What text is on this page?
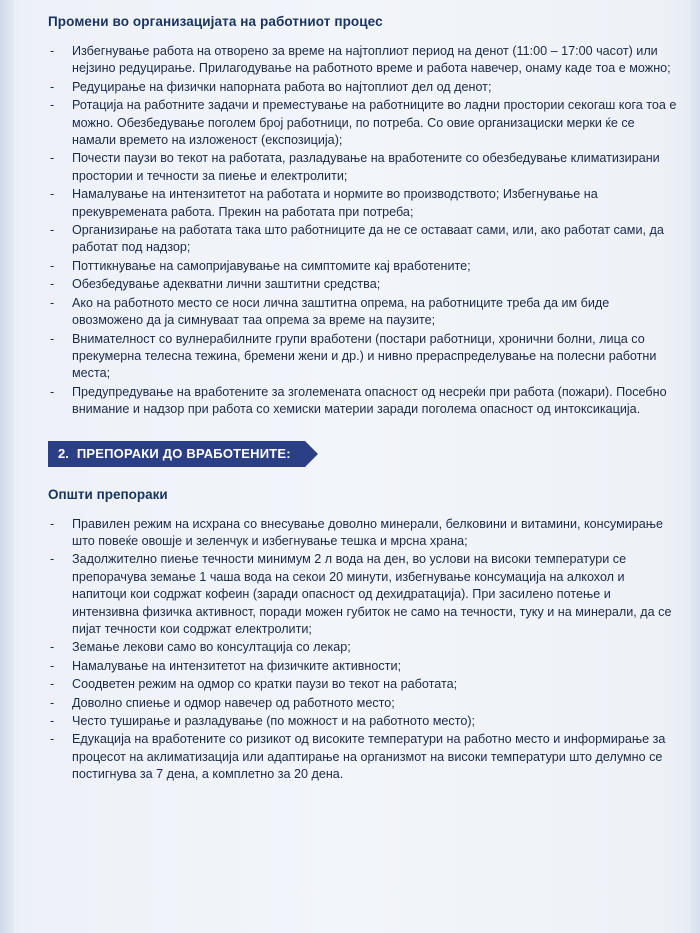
Промени во организацијата на работниот процес
- Избегнување работа на отворено за време на најтоплиот период на денот (11:00 – 17:00 часот) или нејзино редуцирање. Прилагодување на работното време и работа навечер, онаму каде тоа е можно;
- Редуцирање на физички напорната работа во најтоплиот дел од денот;
- Ротација на работните задачи и преместување на работниците во ладни простории секогаш кога тоа е можно. Обезбедување поголем број работници, по потреба. Со овие организациски мерки ќе се намали времето на изложеност (експозиција);
- Почести паузи во текот на работата, разладување на вработените со обезбедување климатизирани простории и течности за пиење и електролити;
- Намалување на интензитетот на работата и нормите во производството; Избегнување на прекувремената работа. Прекин на работата при потреба;
- Организирање на работата така што работниците да не се оставаат сами, или, ако работат сами, да работат под надзор;
- Поттикнување на самопријавување на симптомите кај вработените;
- Обезбедување адекватни лични заштитни средства;
- Ако на работното место се носи лична заштитна опрема, на работниците треба да им биде овозможено да ја симнуваат таа опрема за време на паузите;
- Внимателност со вулнерабилните групи вработени (постари работници, хронични болни, лица со прекумерна телесна тежина, бремени жени и др.) и нивно прераспределување на полесни работни места;
- Предупредување на вработените за зголемената опасност од несреќи при работа (пожари). Посебно внимание и надзор при работа со хемиски материи заради поголема опасност од интоксикација.
2. ПРЕПОРАКИ ДО ВРАБОТЕНИТЕ:
Општи препораки
- Правилен режим на исхрана со внесување доволно минерали, белковини и витамини, консумирање што повеќе овошје и зеленчук и избегнување тешка и мрсна храна;
- Задолжително пиење течности минимум 2 л вода на ден, во услови на високи температури се препорачува земање 1 чаша вода на секои 20 минути, избегнување консумација на алкохол и напитоци кои содржат кофеин (заради опасност од дехидратација). При засилено потење и интензивна физичка активност, поради можен губиток не само на течности, туку и на минерали, да се пијат течности кои содржат електролити;
- Земање лекови само во консултација со лекар;
- Намалување на интензитетот на физичките активности;
- Соодветен режим на одмор со кратки паузи во текот на работата;
- Доволно спиење и одмор навечер од работното место;
- Често туширање и разладување (по можност и на работното место);
- Едукација на вработените со ризикот од високите температури на работно место и информирање за процесот на аклиматизација или адаптирање на организмот на високи температури што делумно се постигнува за 7 дена, а комплетно за 20 дена.
